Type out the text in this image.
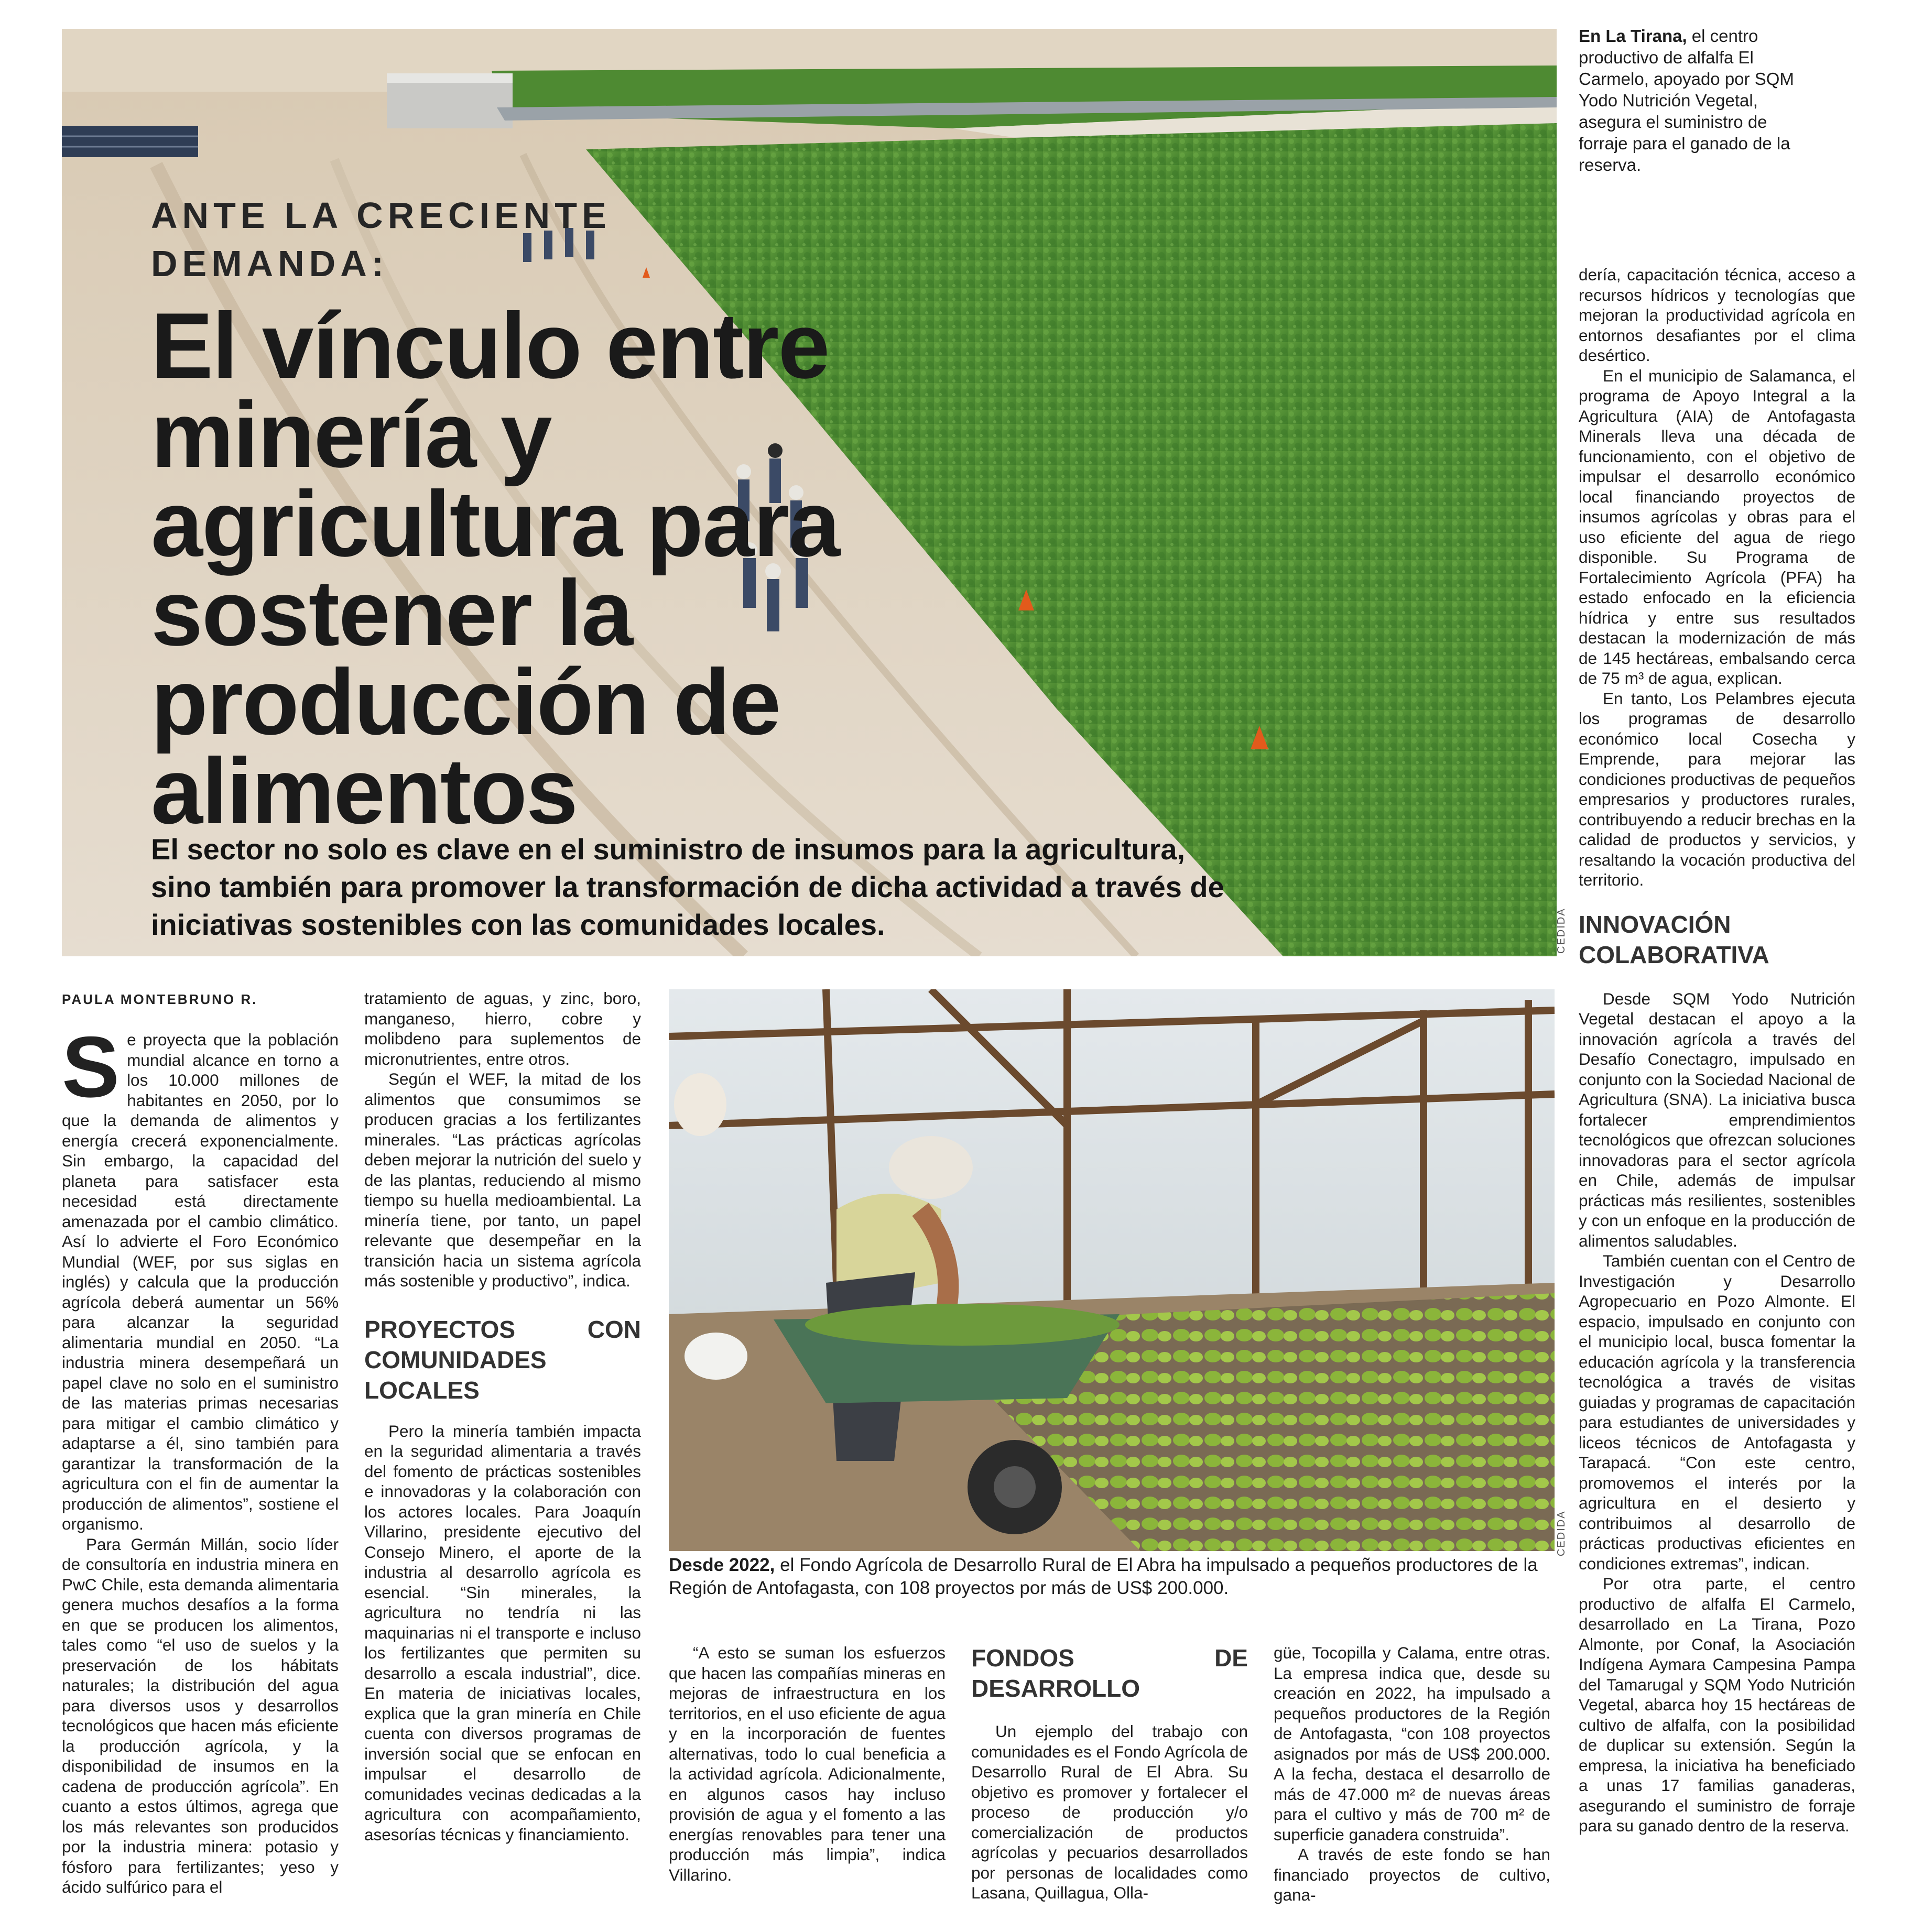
ANTE LA CRECIENTE DEMANDA:
El vínculo entre minería y agricultura para sostener la producción de alimentos
El sector no solo es clave en el suministro de insumos para la agricultura, sino también para promover la transformación de dicha actividad a través de iniciativas sostenibles con las comunidades locales.	CEDIDA
En La Tirana, el centro productivo de alfalfa El Carmelo, apoyado por SQM Yodo Nutrición Vegetal, asegura el suministro de forraje para el ganado de la reserva.
PAULA MONTEBRUNO R.

Se proyecta que la población mundial alcance en torno a los 10.000 millones de habitantes en 2050, por lo que la demanda de alimentos y energía crecerá exponencialmente. Sin embargo, la capacidad del planeta para satisfacer esta necesidad está directamente amenazada por el cambio climático. Así lo advierte el Foro Económico Mundial (WEF, por sus siglas en inglés) y calcula que la producción agrícola deberá aumentar un 56% para alcanzar la seguridad alimentaria mundial en 2050. “La industria minera desempeñará un papel clave no solo en el suministro de las materias primas necesarias para mitigar el cambio climático y adaptarse a él, sino también para garantizar la transformación de la agricultura con el fin de aumentar la producción de alimentos”, sostiene el organismo.

Para Germán Millán, socio líder de consultoría en industria minera en PwC Chile, esta demanda alimentaria genera muchos desafíos a la forma en que se producen los alimentos, tales como “el uso de suelos y la preservación de los hábitats naturales; la distribución del agua para diversos usos y desarrollos tecnológicos que hacen más eficiente la producción agrícola, y la disponibilidad de insumos en la cadena de producción agrícola”. En cuanto a estos últimos, agrega que los más relevantes son producidos por la industria minera: potasio y fósforo para fertilizantes; yeso y ácido sulfúrico para el

tratamiento de aguas, y zinc, boro, manganeso, hierro, cobre y molibdeno para suplementos de micronutrientes, entre otros.

Según el WEF, la mitad de los alimentos que consumimos se producen gracias a los fertilizantes minerales. “Las prácticas agrícolas deben mejorar la nutrición del suelo y de las plantas, reduciendo al mismo tiempo su huella medioambiental. La minería tiene, por tanto, un papel relevante que desempeñar en la transición hacia un sistema agrícola más sostenible y productivo”, indica.

PROYECTOS CON COMUNIDADES LOCALES

Pero la minería también impacta en la seguridad alimentaria a través del fomento de prácticas sostenibles e innovadoras y la colaboración con los actores locales. Para Joaquín Villarino, presidente ejecutivo del Consejo Minero, el aporte de la industria al desarrollo agrícola es esencial. “Sin minerales, la agricultura no tendría ni las maquinarias ni el transporte e incluso los fertilizantes que permiten su desarrollo a escala industrial”, dice. En materia de iniciativas locales, explica que la gran minería en Chile cuenta con diversos programas de inversión social que se enfocan en impulsar el desarrollo de comunidades vecinas dedicadas a la agricultura con acompañamiento, asesorías técnicas y financiamiento.

CEDIDA
Desde 2022, el Fondo Agrícola de Desarrollo Rural de El Abra ha impulsado a pequeños productores de la Región de Antofagasta, con 108 proyectos por más de US$ 200.000.

“A esto se suman los esfuerzos que hacen las compañías mineras en mejoras de infraestructura en los territorios, en el uso eficiente de agua y en la incorporación de fuentes alternativas, todo lo cual beneficia a la actividad agrícola. Adicionalmente, en algunos casos hay incluso provisión de agua y el fomento a las energías renovables para tener una producción más limpia”, indica Villarino.

FONDOS DE DESARROLLO

Un ejemplo del trabajo con comunidades es el Fondo Agrícola de Desarrollo Rural de El Abra. Su objetivo es promover y fortalecer el proceso de producción y/o comercialización de productos agrícolas y pecuarios desarrollados por personas de localidades como Lasana, Quillagua, Olla-

güe, Tocopilla y Calama, entre otras. La empresa indica que, desde su creación en 2022, ha impulsado a pequeños productores de la Región de Antofagasta, “con 108 proyectos asignados por más de US$ 200.000. A la fecha, destaca el desarrollo de más de 47.000 m² de nuevas áreas para el cultivo y más de 700 m² de superficie ganadera construida”.

A través de este fondo se han financiado proyectos de cultivo, gana-

dería, capacitación técnica, acceso a recursos hídricos y tecnologías que mejoran la productividad agrícola en entornos desafiantes por el clima desértico.

En el municipio de Salamanca, el programa de Apoyo Integral a la Agricultura (AIA) de Antofagasta Minerals lleva una década de funcionamiento, con el objetivo de impulsar el desarrollo económico local financiando proyectos de insumos agrícolas y obras para el uso eficiente del agua de riego disponible. Su Programa de Fortalecimiento Agrícola (PFA) ha estado enfocado en la eficiencia hídrica y entre sus resultados destacan la modernización de más de 145 hectáreas, embalsando cerca de 75 m³ de agua, explican.

En tanto, Los Pelambres ejecuta los programas de desarrollo económico local Cosecha y Emprende, para mejorar las condiciones productivas de pequeños empresarios y productores rurales, contribuyendo a reducir brechas en la calidad de productos y servicios, y resaltando la vocación productiva del territorio.

INNOVACIÓN COLABORATIVA

Desde SQM Yodo Nutrición Vegetal destacan el apoyo a la innovación agrícola a través del Desafío Conectagro, impulsado en conjunto con la Sociedad Nacional de Agricultura (SNA). La iniciativa busca fortalecer emprendimientos tecnológicos que ofrezcan soluciones innovadoras para el sector agrícola en Chile, además de impulsar prácticas más resilientes, sostenibles y con un enfoque en la producción de alimentos saludables.

También cuentan con el Centro de Investigación y Desarrollo Agropecuario en Pozo Almonte. El espacio, impulsado en conjunto con el municipio local, busca fomentar la educación agrícola y la transferencia tecnológica a través de visitas guiadas y programas de capacitación para estudiantes de universidades y liceos técnicos de Antofagasta y Tarapacá. “Con este centro, promovemos el interés por la agricultura en el desierto y contribuimos al desarrollo de prácticas productivas eficientes en condiciones extremas”, indican.

Por otra parte, el centro productivo de alfalfa El Carmelo, desarrollado en La Tirana, Pozo Almonte, por Conaf, la Asociación Indígena Aymara Campesina Pampa del Tamarugal y SQM Yodo Nutrición Vegetal, abarca hoy 15 hectáreas de cultivo de alfalfa, con la posibilidad de duplicar su extensión. Según la empresa, la iniciativa ha beneficiado a unas 17 familias ganaderas, asegurando el suministro de forraje para su ganado dentro de la reserva.
